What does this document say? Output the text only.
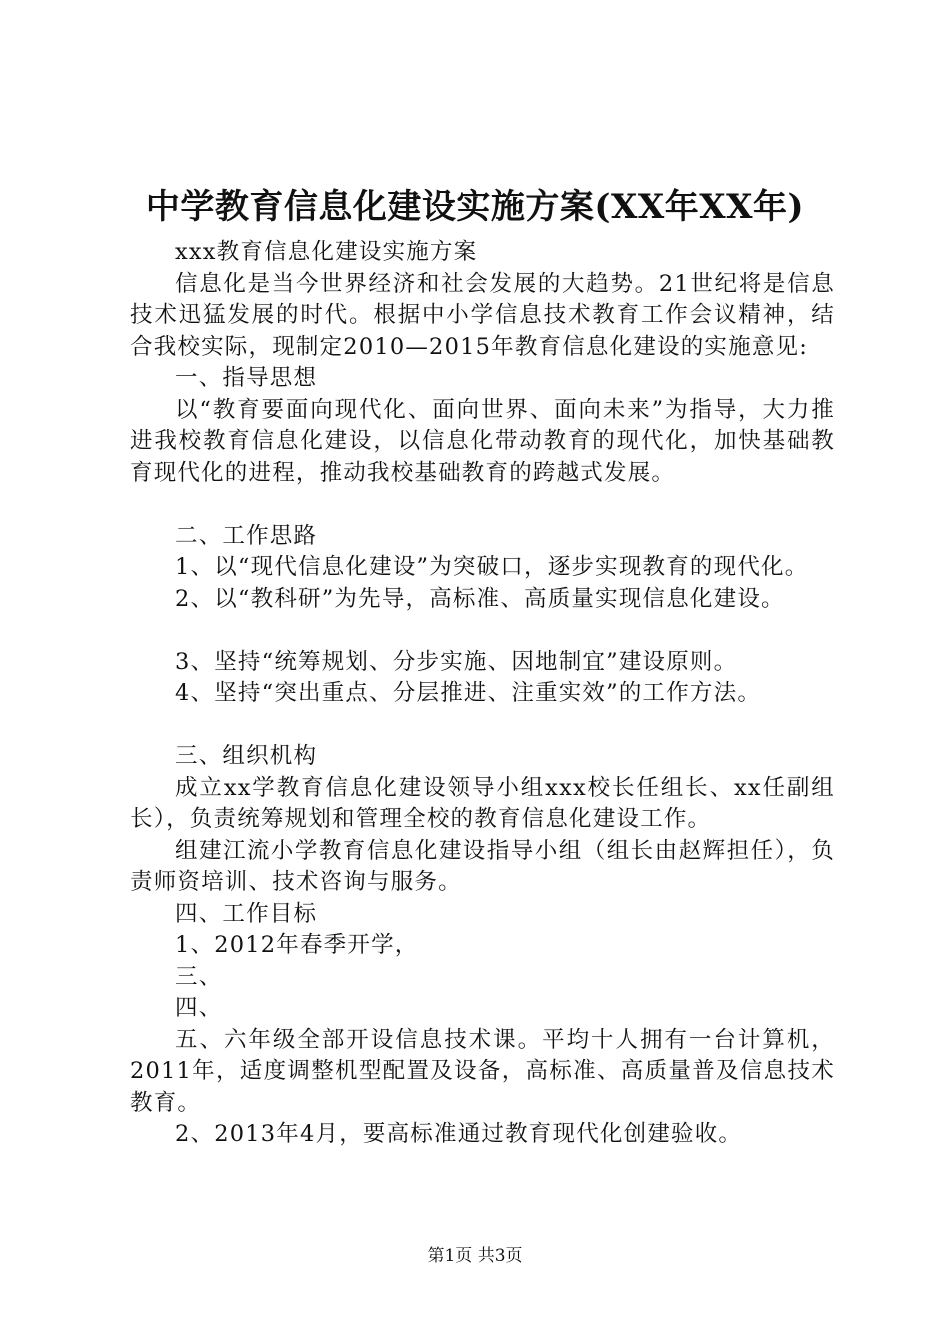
中学教育信息化建设实施方案(XX年XX年)

xxx教育信息化建设实施方案

信息化是当今世界经济和社会发展的大趋势。21世纪将是信息技术迅猛发展的时代。根据中小学信息技术教育工作会议精神，结合我校实际，现制定2010—2015年教育信息化建设的实施意见:

一、指导思想

以“教育要面向现代化、面向世界、面向未来”为指导，大力推进我校教育信息化建设，以信息化带动教育的现代化，加快基础教育现代化的进程，推动我校基础教育的跨越式发展。

二、工作思路

1、以“现代信息化建设”为突破口，逐步实现教育的现代化。

2、以“教科研”为先导，高标准、高质量实现信息化建设。

3、坚持“统筹规划、分步实施、因地制宜”建设原则。

4、坚持“突出重点、分层推进、注重实效”的工作方法。

三、组织机构

成立xx学教育信息化建设领导小组xxx校长任组长、xx任副组长），负责统筹规划和管理全校的教育信息化建设工作。

组建江流小学教育信息化建设指导小组（组长由赵辉担任），负责师资培训、技术咨询与服务。

四、工作目标

1、2012年春季开学，

三、

四、

五、六年级全部开设信息技术课。平均十人拥有一台计算机，2011年，适度调整机型配置及设备，高标准、高质量普及信息技术教育。

2、2013年4月，要高标准通过教育现代化创建验收。

第1页 共3页
